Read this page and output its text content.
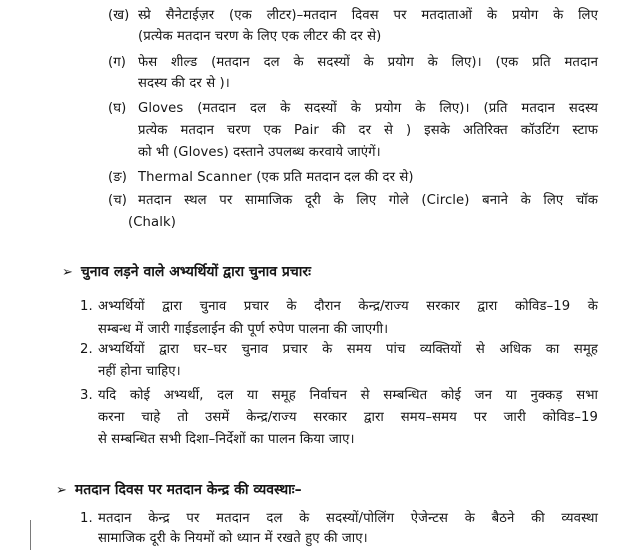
(ख) स्प्रे सैनेटाईज़र (एक लीटर)–मतदान दिवस पर मतदाताओं के प्रयोग के लिए
(प्रत्येक मतदान चरण के लिए एक लीटर की दर से)
(ग) फेस शील्ड (मतदान दल के सदस्यों के प्रयोग के लिए)। (एक प्रति मतदान
सदस्य की दर से )।
(घ) Gloves (मतदान दल के सदस्यों के प्रयोग के लिए)। (प्रति मतदान सदस्य
प्रत्येक मतदान चरण एक Pair की दर से ) इसके अतिरिक्त कॉउटिंग स्टाफ
को भी (Gloves) दस्ताने उपलब्ध करवाये जाएंगें।
(ङ) Thermal Scanner (एक प्रति मतदान दल की दर से)
(च) मतदान स्थल पर सामाजिक दूरी के लिए गोले (Circle) बनाने के लिए चॉक
(Chalk)
➢ चुनाव लड़ने वाले अभ्यर्थियों द्वारा चुनाव प्रचारः
1. अभ्यर्थियों द्वारा चुनाव प्रचार के दौरान केन्द्र/राज्य सरकार द्वारा कोविड–19 के
सम्बन्ध में जारी गाईडलाईन की पूर्ण रुपेण पालना की जाएगी।
2. अभ्यर्थियों द्वारा घर–घर चुनाव प्रचार के समय पांच व्यक्तियों से अधिक का समूह
नहीं होना चाहिए।
3. यदि कोई अभ्यर्थी, दल या समूह निर्वाचन से सम्बन्धित कोई जन या नुक्कड़ सभा
करना चाहे तो उसमें केन्द्र/राज्य सरकार द्वारा समय–समय पर जारी कोविड–19
से सम्बन्धित सभी दिशा–निर्देशों का पालन किया जाए।
➢ मतदान दिवस पर मतदान केन्द्र की व्यवस्थाः–
1. मतदान केन्द्र पर मतदान दल के सदस्यों/पोलिंग ऐजेन्टस के बैठने की व्यवस्था
सामाजिक दूरी के नियमों को ध्यान में रखते हुए की जाए।
